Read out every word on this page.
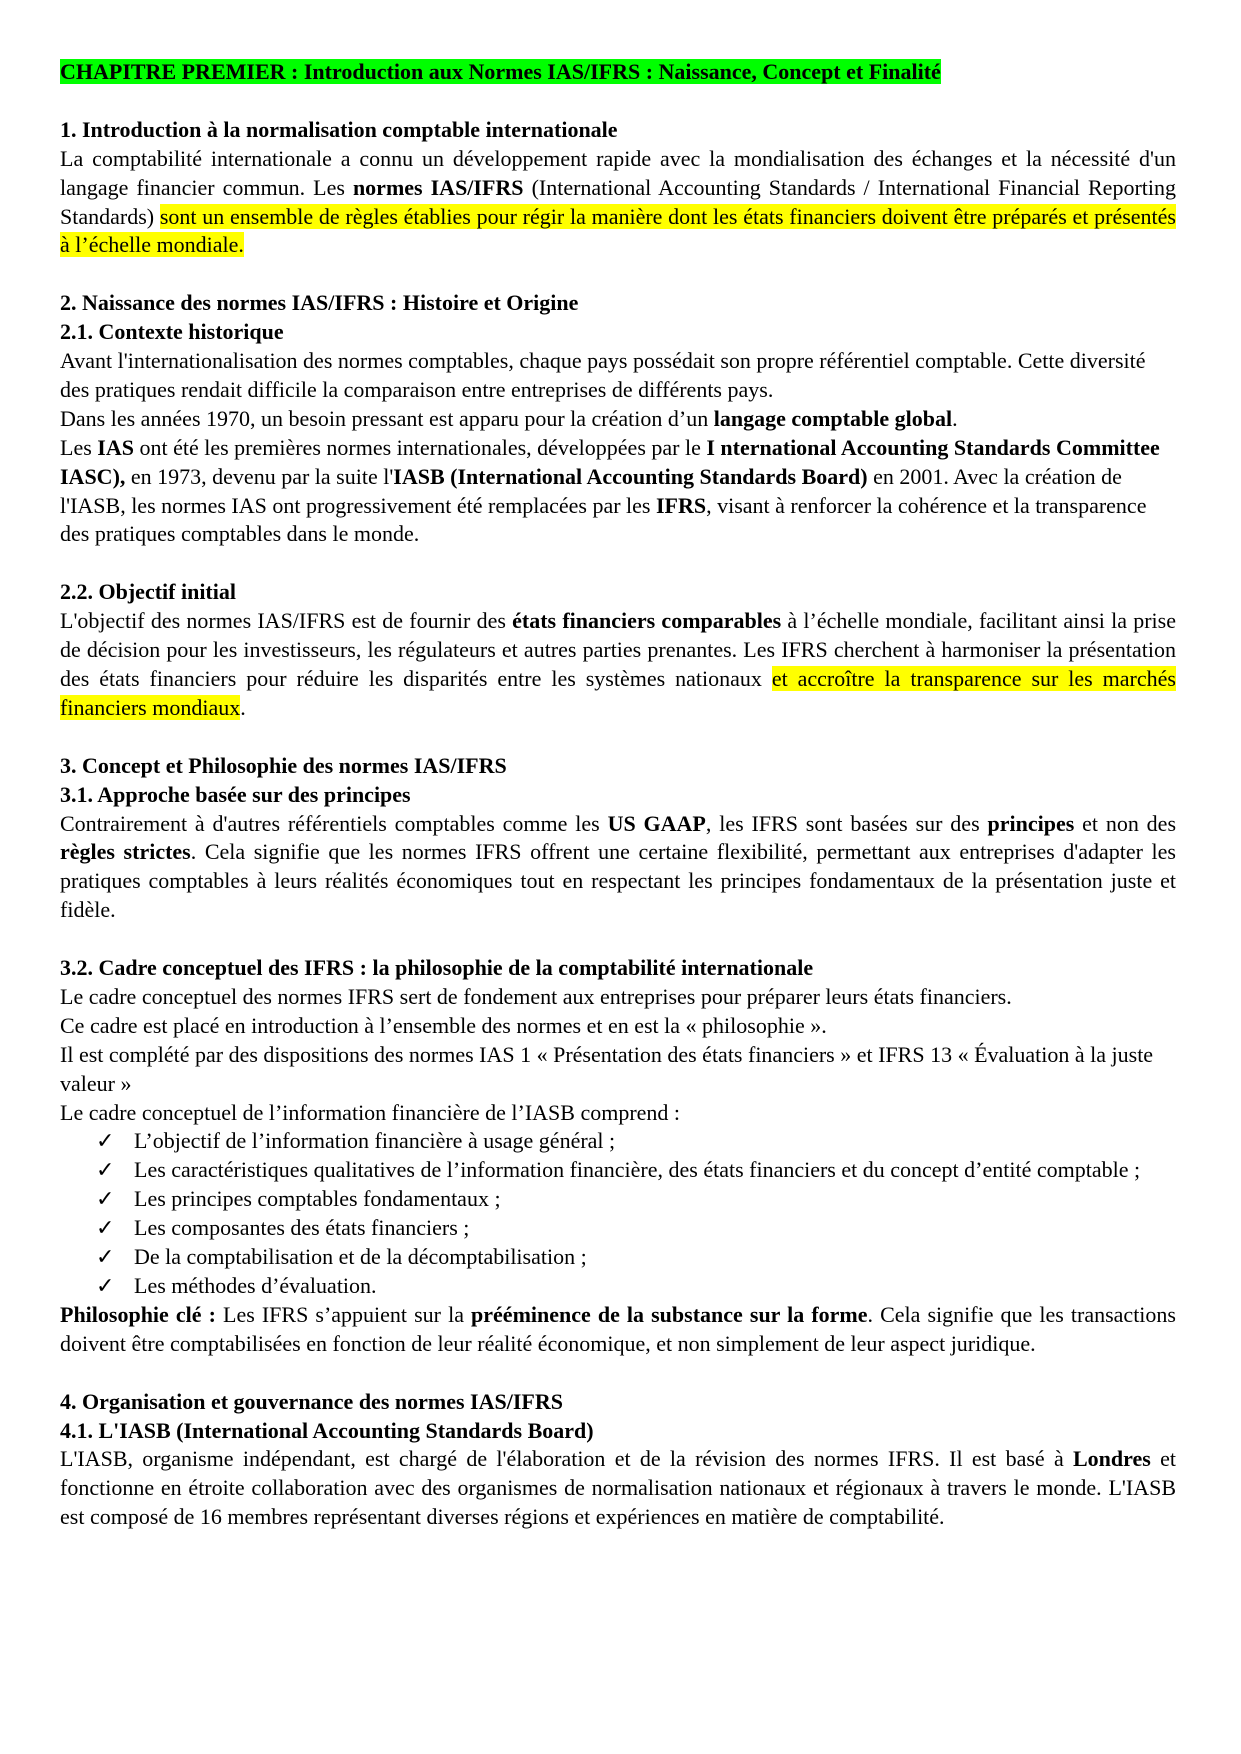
CHAPITRE PREMIER : Introduction aux Normes IAS/IFRS : Naissance, Concept et Finalité
1. Introduction à la normalisation comptable internationale
La comptabilité internationale a connu un développement rapide avec la mondialisation des échanges et la nécessité d'un langage financier commun. Les normes IAS/IFRS (International Accounting Standards / International Financial Reporting Standards) sont un ensemble de règles établies pour régir la manière dont les états financiers doivent être préparés et présentés à l’échelle mondiale.
2. Naissance des normes IAS/IFRS : Histoire et Origine
2.1. Contexte historique
Avant l'internationalisation des normes comptables, chaque pays possédait son propre référentiel comptable. Cette diversité des pratiques rendait difficile la comparaison entre entreprises de différents pays.
Dans les années 1970, un besoin pressant est apparu pour la création d’un langage comptable global.
Les IAS ont été les premières normes internationales, développées par le I nternational Accounting Standards Committee IASC), en 1973, devenu par la suite l'IASB (International Accounting Standards Board) en 2001. Avec la création de l'IASB, les normes IAS ont progressivement été remplacées par les IFRS, visant à renforcer la cohérence et la transparence des pratiques comptables dans le monde.
2.2. Objectif initial
L'objectif des normes IAS/IFRS est de fournir des états financiers comparables à l’échelle mondiale, facilitant ainsi la prise de décision pour les investisseurs, les régulateurs et autres parties prenantes. Les IFRS cherchent à harmoniser la présentation des états financiers pour réduire les disparités entre les systèmes nationaux et accroître la transparence sur les marchés financiers mondiaux.
3. Concept et Philosophie des normes IAS/IFRS
3.1. Approche basée sur des principes
Contrairement à d'autres référentiels comptables comme les US GAAP, les IFRS sont basées sur des principes et non des règles strictes. Cela signifie que les normes IFRS offrent une certaine flexibilité, permettant aux entreprises d'adapter les pratiques comptables à leurs réalités économiques tout en respectant les principes fondamentaux de la présentation juste et fidèle.
3.2. Cadre conceptuel des IFRS : la philosophie de la comptabilité internationale
Le cadre conceptuel des normes IFRS sert de fondement aux entreprises pour préparer leurs états financiers.
Ce cadre est placé en introduction à l’ensemble des normes et en est la « philosophie ».
Il est complété par des dispositions des normes IAS 1 « Présentation des états financiers » et IFRS 13 « Évaluation à la juste valeur »
Le cadre conceptuel de l’information financière de l’IASB comprend :
✓ L’objectif de l’information financière à usage général ;
✓ Les caractéristiques qualitatives de l’information financière, des états financiers et du concept d’entité comptable ;
✓ Les principes comptables fondamentaux ;
✓ Les composantes des états financiers ;
✓ De la comptabilisation et de la décomptabilisation ;
✓ Les méthodes d’évaluation.
Philosophie clé : Les IFRS s’appuient sur la prééminence de la substance sur la forme. Cela signifie que les transactions doivent être comptabilisées en fonction de leur réalité économique, et non simplement de leur aspect juridique.
4. Organisation et gouvernance des normes IAS/IFRS
4.1. L'IASB (International Accounting Standards Board)
L'IASB, organisme indépendant, est chargé de l'élaboration et de la révision des normes IFRS. Il est basé à Londres et fonctionne en étroite collaboration avec des organismes de normalisation nationaux et régionaux à travers le monde. L'IASB est composé de 16 membres représentant diverses régions et expériences en matière de comptabilité.
